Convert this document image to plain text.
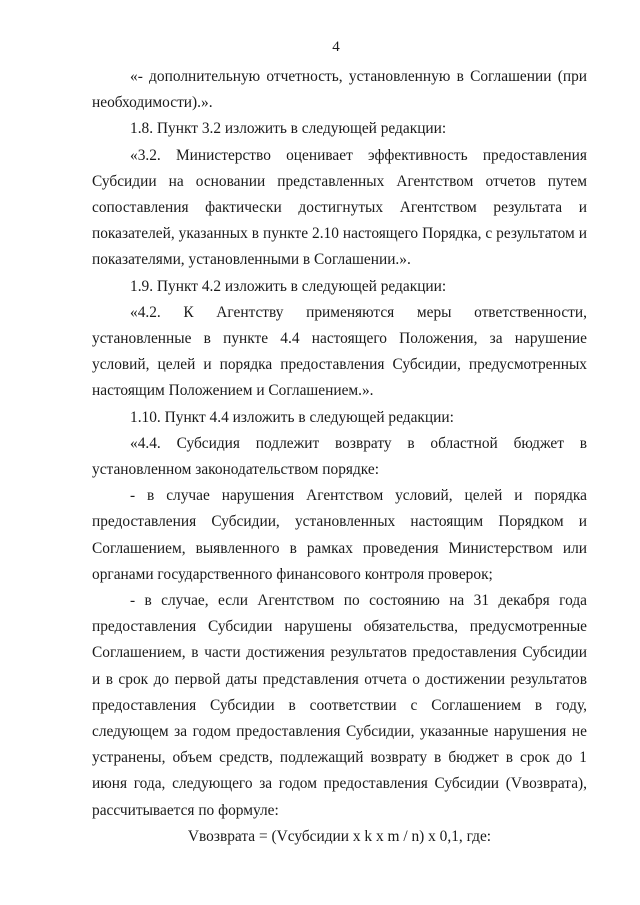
4

«- дополнительную отчетность, установленную в Соглашении (при необходимости).».

1.8. Пункт 3.2 изложить в следующей редакции:

«3.2. Министерство оценивает эффективность предоставления Субсидии на основании представленных Агентством отчетов путем сопоставления фактически достигнутых Агентством результата и показателей, указанных в пункте 2.10 настоящего Порядка, с результатом и показателями, установленными в Соглашении.».

1.9. Пункт 4.2 изложить в следующей редакции:

«4.2. К Агентству применяются меры ответственности, установленные в пункте 4.4 настоящего Положения, за нарушение условий, целей и порядка предоставления Субсидии, предусмотренных настоящим Положением и Соглашением.».

1.10. Пункт 4.4 изложить в следующей редакции:

«4.4. Субсидия подлежит возврату в областной бюджет в установленном законодательством порядке:

- в случае нарушения Агентством условий, целей и порядка предоставления Субсидии, установленных настоящим Порядком и Соглашением, выявленного в рамках проведения Министерством или органами государственного финансового контроля проверок;

- в случае, если Агентством по состоянию на 31 декабря года предоставления Субсидии нарушены обязательства, предусмотренные Соглашением, в части достижения результатов предоставления Субсидии и в срок до первой даты представления отчета о достижении результатов предоставления Субсидии в соответствии с Соглашением в году, следующем за годом предоставления Субсидии, указанные нарушения не устранены, объем средств, подлежащий возврату в бюджет в срок до 1 июня года, следующего за годом предоставления Субсидии (Vвозврата), рассчитывается по формуле:

Vвозврата = (Vсубсидии x k x m / n) x 0,1, где:
